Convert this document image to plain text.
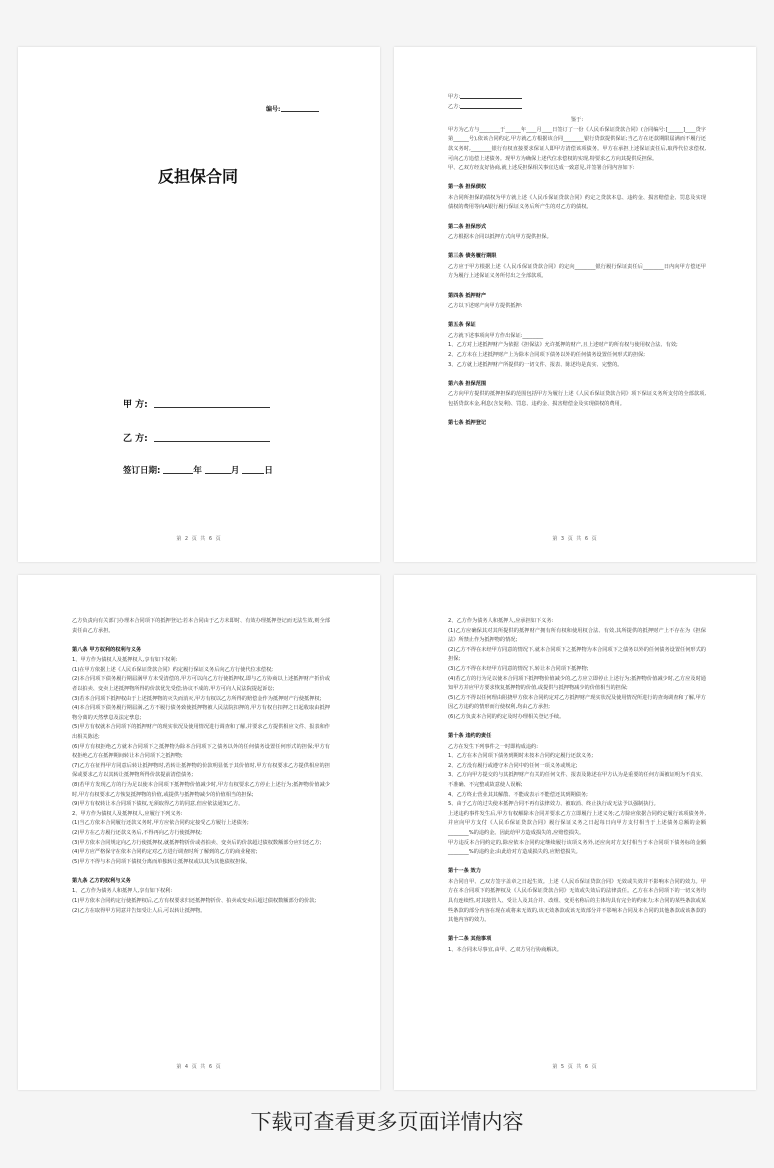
编号:
反担保合同
甲 方:
乙 方:
签订日期:	年	月	日
第 2 页 共 6 页

甲方:

乙方:

鉴于:

甲方为乙方与________于______年____月____日签订了一份《人民币保证贷款合同》(合同编号:[______]____贷字第______号),依该合同约定,甲方就乙方根据该合同________银行贷款提供保证;当乙方在还款期限届满而不履行还款义务时,________银行有权直接要求保证人即甲方清偿该项债务。甲方在承担上述保证责任后,取得代位求偿权,可向乙方追偿上述债务。现甲方为确保上述代位求偿权的实现,特要求乙方向其提供反担保。

甲、乙双方经友好协商,就上述反担保相关事宜达成一致意见,并签署合同内容如下:

第一条 担保债权

本合同所担保的债权为甲方就上述《人民币保证贷款合同》约定之贷款本息、违约金、损害赔偿金、罚息及实现债权的费用等向A银行履行保证义务后所产生的对乙方的债权。

第二条 担保形式

乙方根据本合同以抵押方式向甲方提供担保。

第三条 债务履行期限

乙方应于甲方根据上述《人民币保证贷款合同》的定向________银行履行保证责任后________日内向甲方偿还甲方为履行上述保证义务所付出之全部款项。

第四条 抵押财产

乙方以下述财产向甲方提供抵押:

第五条 保证

乙方就下述事项向甲方作出保证:________

1、乙方对上述抵押财产为依据《担保法》允许抵押的财产,且上述财产的所有权与使用权合法、有效;

2、乙方未在上述抵押财产上为除本合同项下债务以外的任何债务设置任何形式的担保;

3、乙方就上述抵押财产所提供的一切文件、报表、陈述均是真实、完整的。

第六条 担保范围

乙方向甲方提供的抵押担保的范围包括甲方为履行上述《人民币保证贷款合同》项下保证义务所支付的全部款项,包括贷款本金,利息(含复利)、罚息、违约金、损害赔偿金及实现债权的费用。

第七条 抵押登记

第 3 页 共 6 页

乙方负责向有关部门办理本合同项下的抵押登记;若本合同由于乙方未即时、有效办理抵押登记而无法生效,则全部责任由乙方承担。

第八条 甲方权利的权利与义务

1、甲方作为债权人及抵押权人,享有如下权利:

(1)在甲方依据上述《人民币保证贷款合同》约定履行保证义务后向乙方行使代位求偿权;

(2)本合同项下债务履行期届满甲方未受清偿的,甲方可以向乙方行使抵押权,即与乙方协商以上述抵押财产折价或者以拍卖、变卖上述抵押物所得的价款优先受偿;协议不成的,甲方可向人民法院提起诉讼;

(3)若本合同项下抵押权由于上述抵押物的灭失而消灭,甲方有权以乙方所得的赔偿金作为抵押财产行使抵押权;

(4)本合同项下债务履行期届满,乙方不履行债务致使抵押物被人民法院扣押的,甲方有权自扣押之日起收取由抵押物分离的天然孳息及法定孳息;

(5)甲方有权就本合同项下的抵押财产的现实状况及使用情况进行调查和了解,并要求乙方提供相应文件、报表和作出相关陈述;

(6)甲方有权拒绝乙方就本合同项下之抵押物为除本合同项下之债务以外的任何债务设置任何形式的担保;甲方有权拒绝乙方在抵押期间转让本合同项下之抵押物;

(7)乙方在征得甲方同意后转让抵押物时,若转让抵押物的价款明显低于其价值时,甲方有权要求乙方提供相应的担保或要求乙方以其转让抵押物所得价款提前清偿债务;

(8)若甲方发现乙方的行为足以使本合同项下抵押物价值减少时,甲方有权要求乙方停止上述行为;抵押物价值减少时,甲方有权要求乙方恢复抵押物的价值,或提供与抵押物减少的价值相当的担保;

(9)甲方有权转让本合同项下债权,无须取得乙方的同意,但应依法通知乙方。

2、甲方作为债权人及抵押权人,应履行下列义务:

(1)当乙方依本合同履行还款义务时,甲方应依合同约定接受乙方履行上述债务;

(2)甲方在乙方履行还款义务后,不得再向乙方行使抵押权;

(3)甲方依本合同规定向乙方行使抵押权,就抵押物折价或者拍卖、变卖后的价款超过债权数额部分应归还乙方;

(4)甲方应严格保守在依本合同约定对乙方进行调查时所了解到的乙方的商业秘密;

(5)甲方不得与本合同项下债权分离而单独转让抵押权或以其为其他债权担保。

第九条 乙方的权利与义务

1、乙方作为债务人和抵押人,享有如下权利:

(1)甲方依本合同约定行使抵押权后,乙方有权要求归还抵押物折价、拍卖或变卖后超过债权数额部分的价款;

(2)乙方在取得甲方同意并告知受让人后,可以转让抵押物。

第 4 页 共 6 页

2、乙方作为债务人和抵押人,应承担如下义务:

(1)乙方应确保其对其所提供的抵押财产拥有所有权和使用权合法、有效,其所提供的抵押财产上不存在为《担保法》所禁止作为抵押物的情况;

(2)乙方不得在未经甲方同意的情况下,就本合同项下之抵押物为本合同项下之债务以外的任何债务设置任何形式的担保;

(3)乙方不得在未经甲方同意的情况下,转让本合同项下抵押物;

(4)若乙方的行为足以使本合同项下抵押物价值减少的,乙方应立即停止上述行为;抵押物价值减少时,乙方应及时通知甲方并应甲方要求恢复抵押物的价值,或提供与抵押物减少的价值相当的担保;

(5)乙方不得以任何理由阻挠甲方依本合同约定对乙方抵押财产现实状况及使用情况所进行的查询调查和了解,甲方因乙方违约的情形而行使权利,均由乙方承担;

(6)乙方负责本合同的约定及时办理相关登记手续。

第十条 违约的责任

乙方在发生下列事件之一时即构成违约:

1、乙方在本合同项下债务到期时未按本合同约定履行还款义务;

2、乙方没有履行或遵守本合同中的任何一项义务或规定;

3、乙方向甲方提交的与其抵押财产有关的任何文件、报表及陈述在甲方认为是重要的任何方面被证明为不真实、不准确、不完整或故意使人误解;

4、乙方终止营业其其解散、不能或表示不能偿还其到期债务;

5、由于乙方的过失使本抵押合同不再有法律效力、被取消、终止执行或无法予以强制执行。

上述违约事件发生后,甲方有权解除本合同并要求乙方立即履行上述义务;乙方除应依据合同约定履行该项债务外,并应向甲方支付《人民币保证贷款合同》履行保证义务之日起每日向甲方支付相当于上述债务总额的金额________%的违约金。因此给甲方造成损失的,应赔偿损失。

甲方违反本合同约定的,除应依本合同约定继续履行该项义务外,还应向对方支付相当于本合同项下债务标的金额________%的违约金;由此给对方造成损失的,应赔偿损失。

第十一条 效力

本合同自甲、乙双方签字盖章之日起生效。上述《人民币保证贷款合同》无效或失效并不影响本合同的效力。甲方在本合同项下的抵押权及《人民币保证贷款合同》无效或失效后的法律责任。乙方在本合同项下的一切义务均具有连续性,对其接管人、受让人及其合并、改组、变更名称后的主体均具有完全的约束力;本合同的某些条款或某些条款的部分内容在现在或将来无效的,该无效条款或该无效部分并不影响本合同及本合同的其他条款或该条款的其他内容的效力。

第十二条 其他事项

1、本合同未尽事宜,由甲、乙双方另行协商解决。

第 5 页 共 6 页
下载可查看更多页面详情内容
